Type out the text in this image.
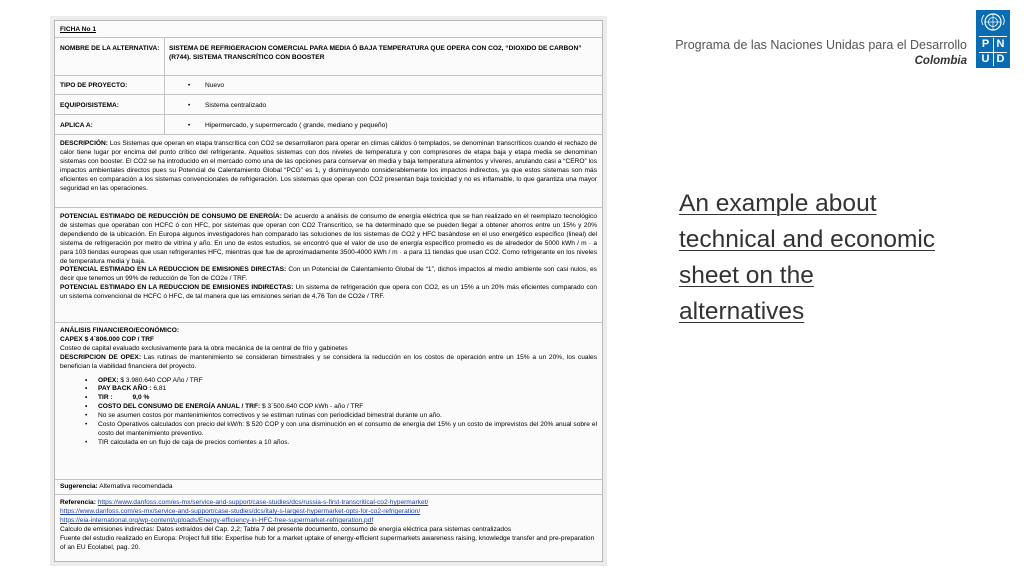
FICHA No 1
NOMBRE DE LA ALTERNATIVA: SISTEMA DE REFRIGERACION COMERCIAL PARA MEDIA Ó BAJA TEMPERATURA QUE OPERA CON CO2, “DIOXIDO DE CARBON” (R744). SISTEMA TRANSCRÍTICO CON BOOSTER
TIPO DE PROYECTO:	• Nuevo
EQUIPO/SISTEMA:	• Sistema centralizado
APLICA A:	• Hipermercado, y supermercado ( grande, mediano y pequeño)
DESCRIPCIÓN: Los Sistemas que operan en etapa transcrítica con CO2 se desarrollaron para operar en climas cálidos ó templados, se denominan transcríticos cuando el rechazo de calor tiene lugar por encima del punto crítico del refrigerante. Aquellos sistemas con dos niveles de temperatura y con compresores de etapa baja y etapa media se denominan sistemas con booster. El CO2 se ha introducido en el mercado como una de las opciones para conservar en media y baja temperatura alimentos y víveres, anulando casi a “CERO” los impactos ambientales directos pues su Potencial de Calentamiento Global “PCG” es 1, y disminuyendo considerablemente los impactos indirectos, ya que estos sistemas son más eficientes en comparación a los sistemas convencionales de refrigeración. Los sistemas que operan con CO2 presentan baja toxicidad y no es inflamable, lo que garantiza una mayor seguridad en las operaciones.
POTENCIAL ESTIMADO DE REDUCCIÓN DE CONSUMO DE ENERGÍA: De acuerdo a análisis de consumo de energía eléctrica que se han realizado en el reemplazo tecnológico de sistemas que operaban con HCFC ó con HFC, por sistemas que operan con CO2 Transcrítico, se ha determinado que se pueden llegar a obtener ahorros entre un 15% y 20% dependiendo de la ubicación. En Europa algunos investigadores han comparado las soluciones de los sistemas de CO2 y HFC basándose en el uso energético específico (lineal) del sistema de refrigeración por metro de vitrina y año. En uno de estos estudios, se encontró que el valor de uso de energía específico promedio es de alrededor de 5000 kWh / m · a para 103 tiendas europeas que usan refrigerantes HFC, mientras que fue de aproximadamente 3500-4000 kWh / m · a para 11 tiendas que usan CO2. Como refrigerante en los niveles de temperatura media y baja.
POTENCIAL ESTIMADO EN LA REDUCCION DE EMISIONES DIRECTAS: Con un Potencial de Calentamiento Global de “1”, dichos impactos al medio ambiente son casi nulos, es decir que tenemos un 99% de reducción de Ton de CO2e / TRF.
POTENCIAL ESTIMADO EN LA REDUCCION DE EMISIONES INDIRECTAS: Un sistema de refrigeración que opera con CO2, es un 15% a un 20% más eficientes comparado con un sistema convencional de HCFC ó HFC, de tal manera que las emisiones serian de 4,76 Ton de CO2e / TRF.
ANÁLISIS FINANCIERO/ECONÓMICO:
CAPEX $ 4´806.000 COP / TRF
Costeo de capital evaluado exclusivamente para la obra mecánica de la central de frío y gabinetes
DESCRIPCION DE OPEX: Las rutinas de mantenimiento se consideran bimestrales y se considera la reducción en los costos de operación entre un 15% a un 20%, los cuales benefician la viabilidad financiera del proyecto.
• OPEX: $ 3.980.640 COP Año / TRF
• PAY BACK AÑO : 6,81
• TIR :	9,0 %
• COSTO DEL CONSUMO DE ENERGÍA ANUAL / TRF: $ 3´500.640 COP kWh - año / TRF
• No se asumen costos por mantenimientos correctivos y se estiman rutinas con periodicidad bimestral durante un año.
• Costo Operativos calculados con precio del kW/h: $ 520 COP y con una disminución en el consumo de energía del 15% y un costo de imprevistos del 20% anual sobre el costo del mantenimiento preventivo.
• TIR calculada en un flujo de caja de precios corrientes a 10 años.
Sugerencia: Alternativa recomendada
Referencia: https://www.danfoss.com/es-mx/service-and-support/case-studies/dcs/russia-s-first-transcritical-co2-hypermarket/
https://www.danfoss.com/es-mx/service-and-support/case-studies/dcs/italy-s-largest-hypermarket-opts-for-co2-refrigeration/
https://eia-international.org/wp-content/uploads/Energy-efficiency-in-HFC-free-supermarket-refrigeration.pdf
Calculo de emisiones indirectas: Datos extraídos del Cap. 2,2; Tabla 7 del presente documento, consumo de energía eléctrica para sistemas centralizados
Fuente del estudio realizado en Europa: Project full title: Expertise hub for a market uptake of energy-efficient supermarkets awareness raising, knowledge transfer and pre-preparation of an EU Ecolabel, pag. 20.
Programa de las Naciones Unidas para el Desarrollo
Colombia
P N
U D
An example about technical and economic sheet on the alternatives
